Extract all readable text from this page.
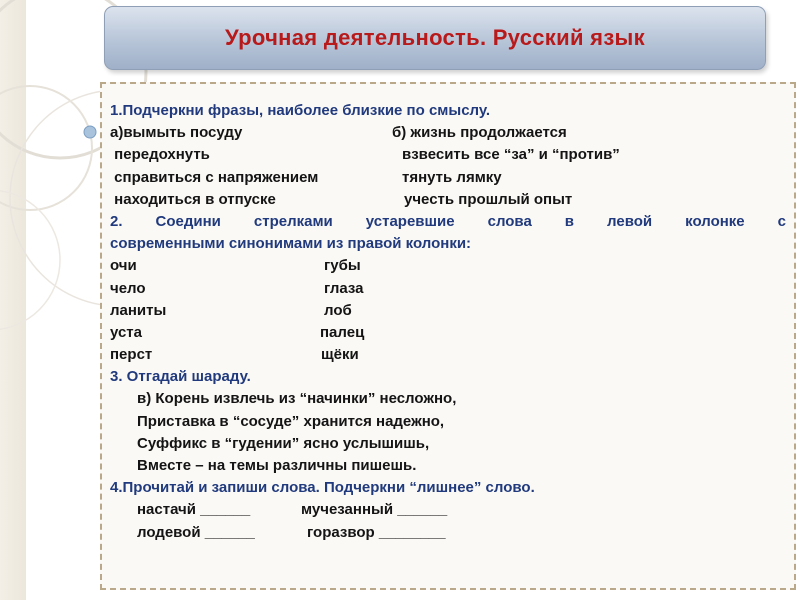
Урочная деятельность. Русский язык
1.Подчеркни фразы, наиболее близкие по смыслу.
а)вымыть посуду	б) жизнь продолжается
передохнуть	взвесить все “за” и “против”
справиться с напряжением	тянуть лямку
находиться в отпуске	учесть прошлый опыт
2. Соедини стрелками устаревшие слова в левой колонке с
современными синонимами из правой колонки:
очи	губы
чело	глаза
ланиты	лоб
уста	палец
перст	щёки
3. Отгадай шараду.
в) Корень извлечь из “начинки” несложно,
Приставка в “сосуде” хранится надежно,
Суффикс в “гудении” ясно услышишь,
Вместе – на темы различны пишешь.
4.Прочитай и запиши слова. Подчеркни “лишнее” слово.
настачй ______	мучезанный ______
лодевой ______	горазвор ________
